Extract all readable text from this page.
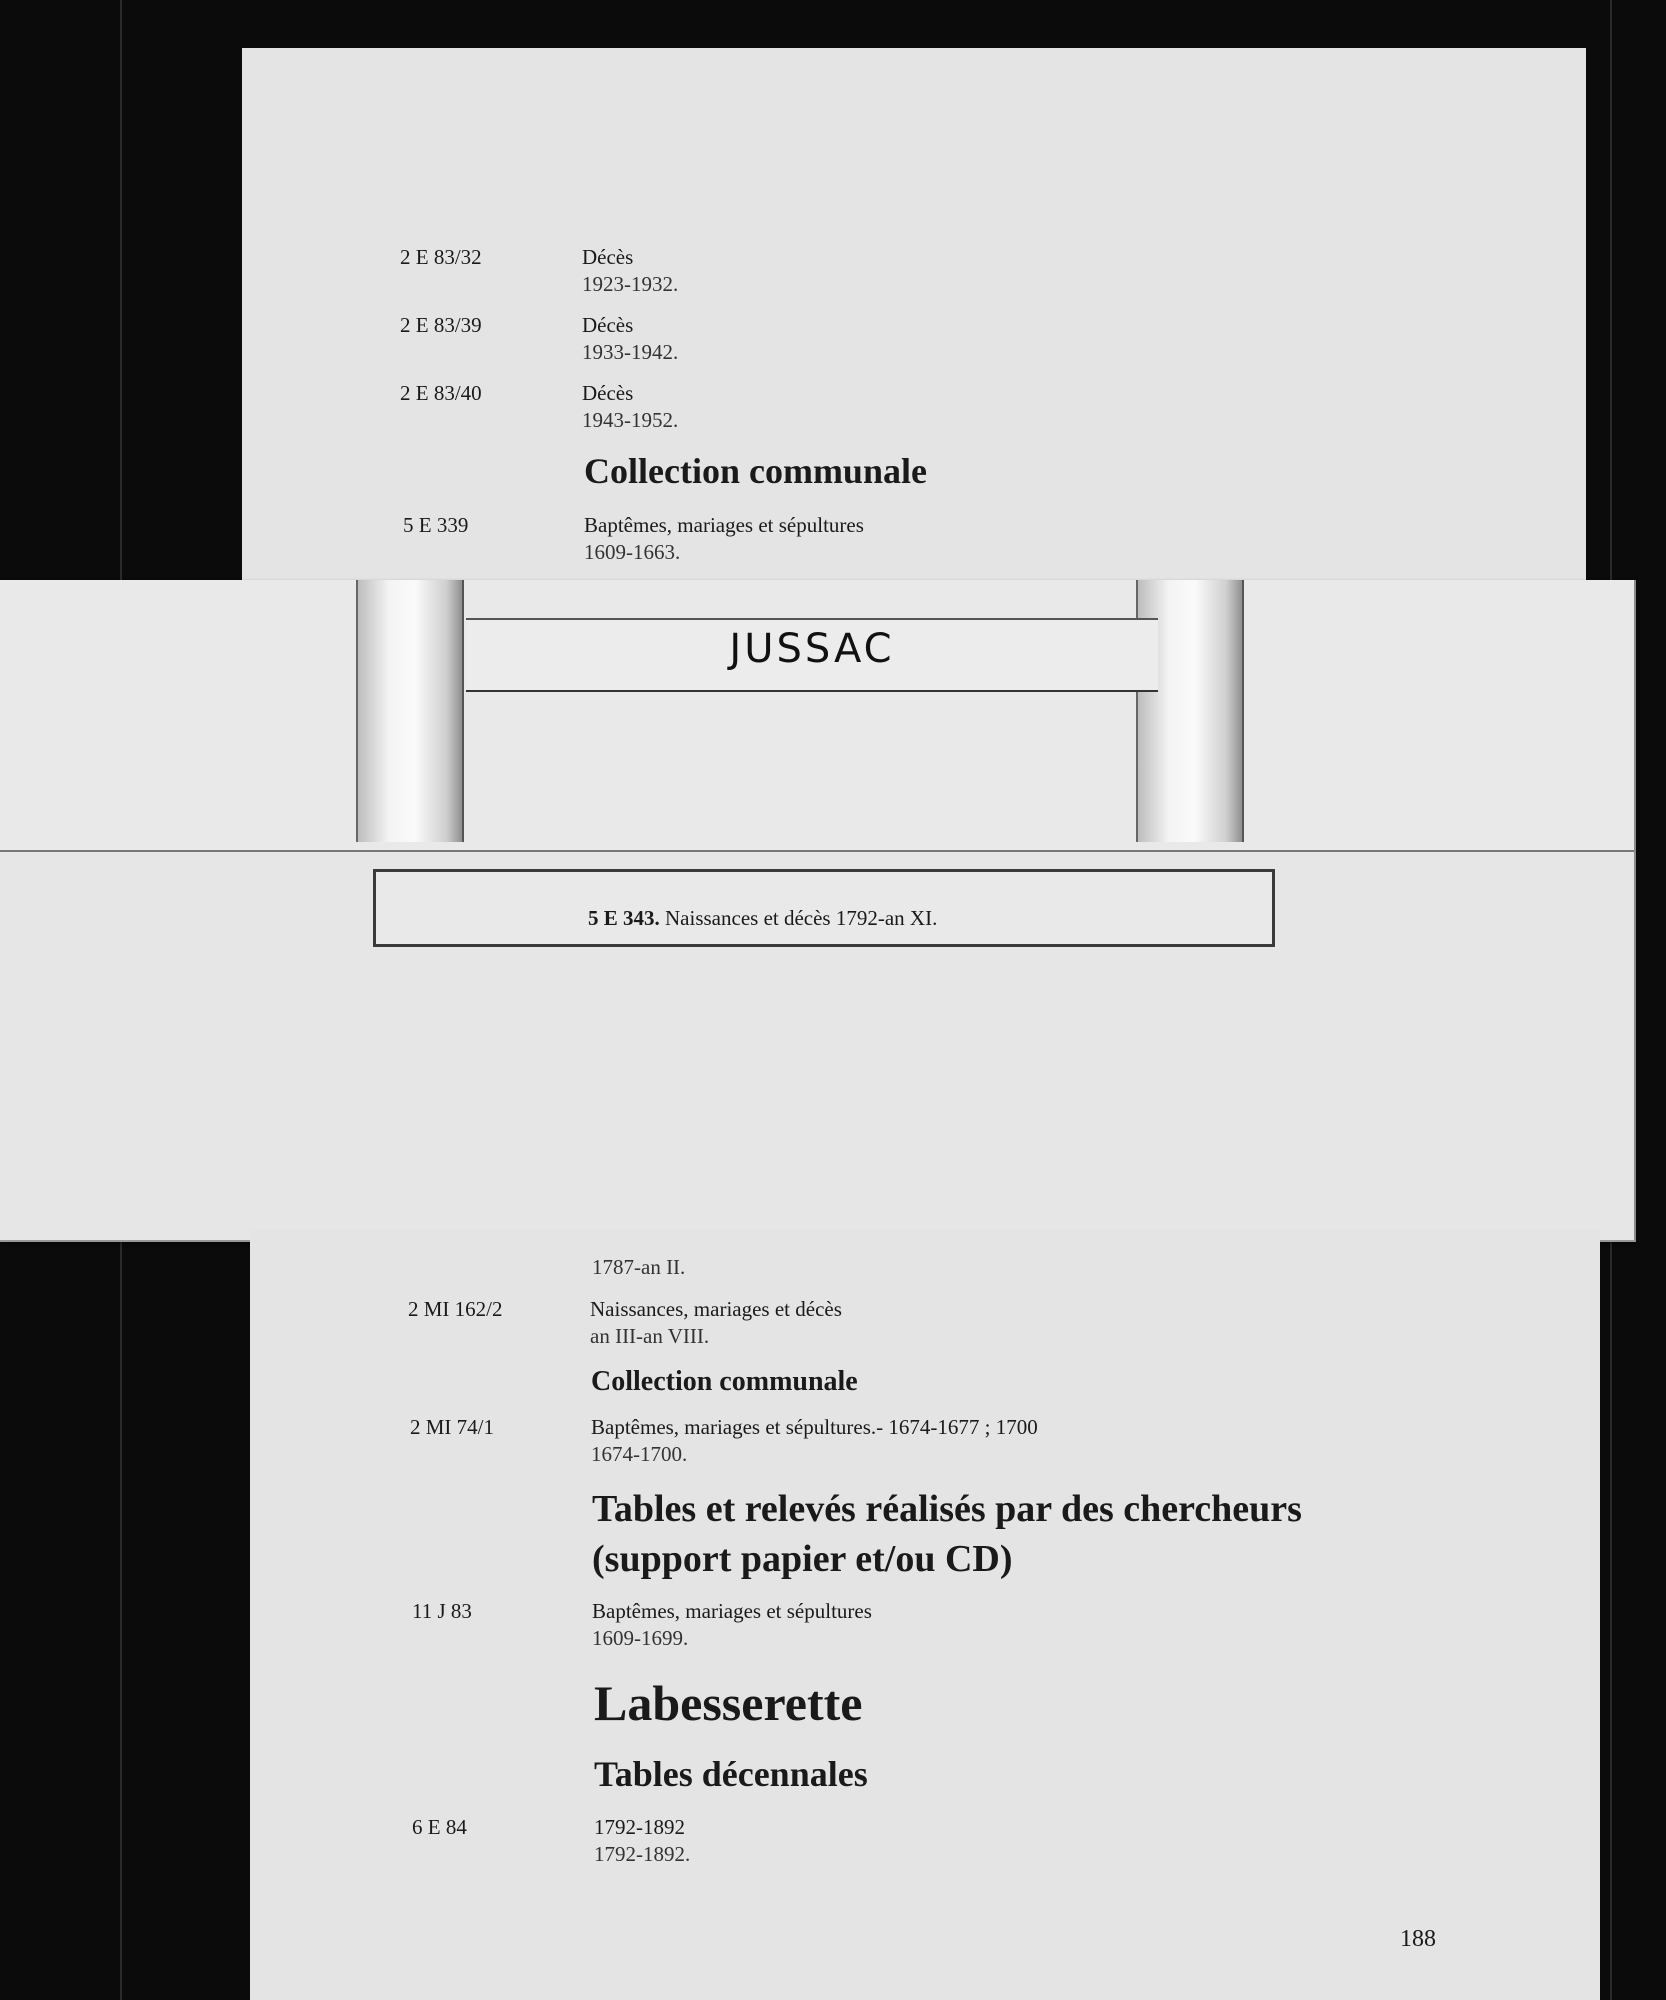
2 E 83/32	Décès
1923-1932.
2 E 83/39	Décès
1933-1942.
2 E 83/40	Décès
1943-1952.
Collection communale
5 E 339	Baptêmes, mariages et sépultures
1609-1663.
JUSSAC
5 E 343. Naissances et décès 1792-an XI.
1787-an II.
2 MI 162/2	Naissances, mariages et décès
an III-an VIII.
Collection communale
2 MI 74/1	Baptêmes, mariages et sépultures.- 1674-1677 ; 1700
1674-1700.
Tables et relevés réalisés par des chercheurs
(support papier et/ou CD)
11 J 83	Baptêmes, mariages et sépultures
1609-1699.
Labesserette
Tables décennales
6 E 84	1792-1892
1792-1892.
188
